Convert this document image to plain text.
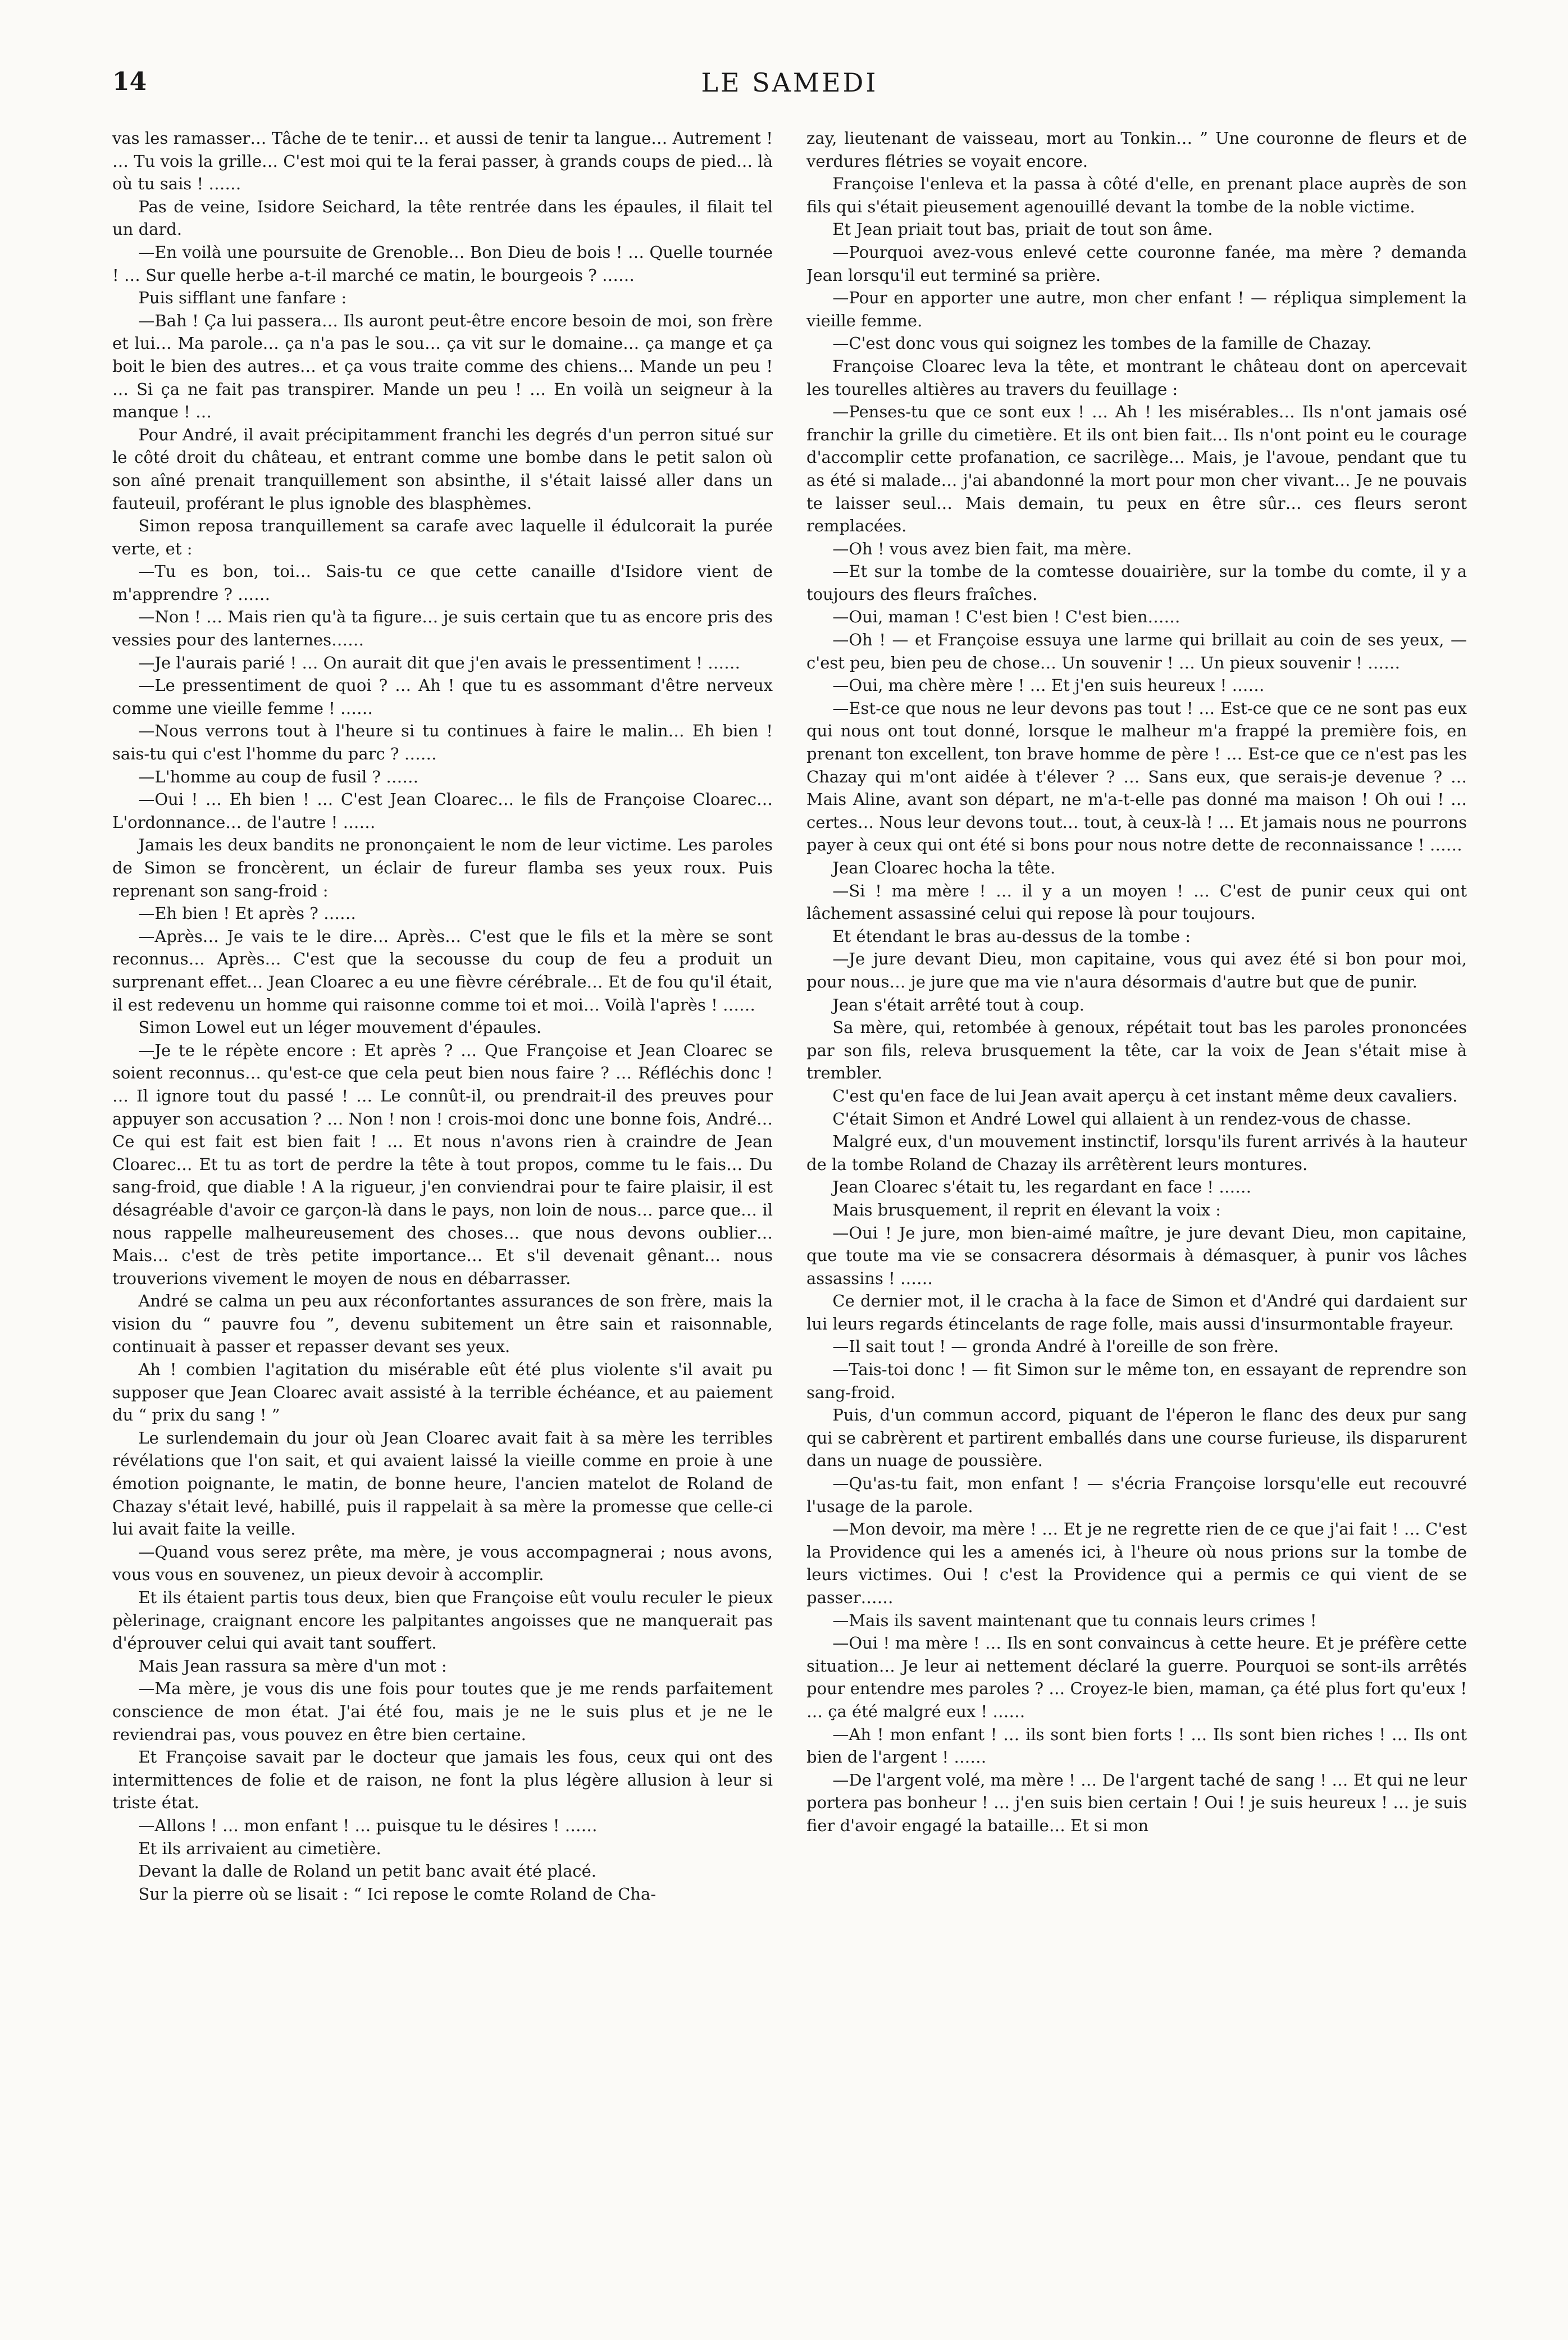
14	LE SAMEDI

vas les ramasser… Tâche de te tenir… et aussi de tenir ta langue… Autrement ! … Tu vois la grille… C'est moi qui te la ferai passer, à grands coups de pied… là où tu sais ! ……

Pas de veine, Isidore Seichard, la tête rentrée dans les épaules, il filait tel un dard.

—En voilà une poursuite de Grenoble… Bon Dieu de bois ! … Quelle tournée ! … Sur quelle herbe a-t-il marché ce matin, le bourgeois ? ……

Puis sifflant une fanfare :

—Bah ! Ça lui passera… Ils auront peut-être encore besoin de moi, son frère et lui… Ma parole… ça n'a pas le sou… ça vit sur le domaine… ça mange et ça boit le bien des autres… et ça vous traite comme des chiens… Mande un peu ! … Si ça ne fait pas transpirer. Mande un peu ! … En voilà un seigneur à la manque ! …

Pour André, il avait précipitamment franchi les degrés d'un perron situé sur le côté droit du château, et entrant comme une bombe dans le petit salon où son aîné prenait tranquillement son absinthe, il s'était laissé aller dans un fauteuil, proférant le plus ignoble des blasphèmes.

Simon reposa tranquillement sa carafe avec laquelle il édulcorait la purée verte, et :

—Tu es bon, toi… Sais-tu ce que cette canaille d'Isidore vient de m'apprendre ? ……

—Non ! … Mais rien qu'à ta figure… je suis certain que tu as encore pris des vessies pour des lanternes……

—Je l'aurais parié ! … On aurait dit que j'en avais le pressentiment ! ……

—Le pressentiment de quoi ? … Ah ! que tu es assommant d'être nerveux comme une vieille femme ! ……

—Nous verrons tout à l'heure si tu continues à faire le malin… Eh bien ! sais-tu qui c'est l'homme du parc ? ……

—L'homme au coup de fusil ? ……

—Oui ! … Eh bien ! … C'est Jean Cloarec… le fils de Françoise Cloarec… L'ordonnance… de l'autre ! ……

Jamais les deux bandits ne prononçaient le nom de leur victime. Les paroles de Simon se froncèrent, un éclair de fureur flamba ses yeux roux. Puis reprenant son sang-froid :

—Eh bien ! Et après ? ……

—Après… Je vais te le dire… Après… C'est que le fils et la mère se sont reconnus… Après… C'est que la secousse du coup de feu a produit un surprenant effet… Jean Cloarec a eu une fièvre cérébrale… Et de fou qu'il était, il est redevenu un homme qui raisonne comme toi et moi… Voilà l'après ! ……

Simon Lowel eut un léger mouvement d'épaules.

—Je te le répète encore : Et après ? … Que Françoise et Jean Cloarec se soient reconnus… qu'est-ce que cela peut bien nous faire ? … Réfléchis donc ! … Il ignore tout du passé ! … Le connût-il, ou prendrait-il des preuves pour appuyer son accusation ? … Non ! non ! crois-moi donc une bonne fois, André… Ce qui est fait est bien fait ! … Et nous n'avons rien à craindre de Jean Cloarec… Et tu as tort de perdre la tête à tout propos, comme tu le fais… Du sang-froid, que diable ! A la rigueur, j'en conviendrai pour te faire plaisir, il est désagréable d'avoir ce garçon-là dans le pays, non loin de nous… parce que… il nous rappelle malheureusement des choses… que nous devons oublier… Mais… c'est de très petite importance… Et s'il devenait gênant… nous trouverions vivement le moyen de nous en débarrasser.

André se calma un peu aux réconfortantes assurances de son frère, mais la vision du “ pauvre fou ”, devenu subitement un être sain et raisonnable, continuait à passer et repasser devant ses yeux.

Ah ! combien l'agitation du misérable eût été plus violente s'il avait pu supposer que Jean Cloarec avait assisté à la terrible échéance, et au paiement du “ prix du sang ! ”

Le surlendemain du jour où Jean Cloarec avait fait à sa mère les terribles révélations que l'on sait, et qui avaient laissé la vieille comme en proie à une émotion poignante, le matin, de bonne heure, l'ancien matelot de Roland de Chazay s'était levé, habillé, puis il rappelait à sa mère la promesse que celle-ci lui avait faite la veille.

—Quand vous serez prête, ma mère, je vous accompagnerai ; nous avons, vous vous en souvenez, un pieux devoir à accomplir.

Et ils étaient partis tous deux, bien que Françoise eût voulu reculer le pieux pèlerinage, craignant encore les palpitantes angoisses que ne manquerait pas d'éprouver celui qui avait tant souffert.

Mais Jean rassura sa mère d'un mot :

—Ma mère, je vous dis une fois pour toutes que je me rends parfaitement conscience de mon état. J'ai été fou, mais je ne le suis plus et je ne le reviendrai pas, vous pouvez en être bien certaine.

Et Françoise savait par le docteur que jamais les fous, ceux qui ont des intermittences de folie et de raison, ne font la plus légère allusion à leur si triste état.

—Allons ! … mon enfant ! … puisque tu le désires ! ……

Et ils arrivaient au cimetière.

Devant la dalle de Roland un petit banc avait été placé.

Sur la pierre où se lisait : “ Ici repose le comte Roland de Cha-

zay, lieutenant de vaisseau, mort au Tonkin… ” Une couronne de fleurs et de verdures flétries se voyait encore.

Françoise l'enleva et la passa à côté d'elle, en prenant place auprès de son fils qui s'était pieusement agenouillé devant la tombe de la noble victime.

Et Jean priait tout bas, priait de tout son âme.

—Pourquoi avez-vous enlevé cette couronne fanée, ma mère ? demanda Jean lorsqu'il eut terminé sa prière.

—Pour en apporter une autre, mon cher enfant ! — répliqua simplement la vieille femme.

—C'est donc vous qui soignez les tombes de la famille de Chazay.

Françoise Cloarec leva la tête, et montrant le château dont on apercevait les tourelles altières au travers du feuillage :

—Penses-tu que ce sont eux ! … Ah ! les misérables… Ils n'ont jamais osé franchir la grille du cimetière. Et ils ont bien fait… Ils n'ont point eu le courage d'accomplir cette profanation, ce sacrilège… Mais, je l'avoue, pendant que tu as été si malade… j'ai abandonné la mort pour mon cher vivant… Je ne pouvais te laisser seul… Mais demain, tu peux en être sûr… ces fleurs seront remplacées.

—Oh ! vous avez bien fait, ma mère.

—Et sur la tombe de la comtesse douairière, sur la tombe du comte, il y a toujours des fleurs fraîches.

—Oui, maman ! C'est bien ! C'est bien……

—Oh ! — et Françoise essuya une larme qui brillait au coin de ses yeux, — c'est peu, bien peu de chose… Un souvenir ! … Un pieux souvenir ! ……

—Oui, ma chère mère ! … Et j'en suis heureux ! ……

—Est-ce que nous ne leur devons pas tout ! … Est-ce que ce ne sont pas eux qui nous ont tout donné, lorsque le malheur m'a frappé la première fois, en prenant ton excellent, ton brave homme de père ! … Est-ce que ce n'est pas les Chazay qui m'ont aidée à t'élever ? … Sans eux, que serais-je devenue ? … Mais Aline, avant son départ, ne m'a-t-elle pas donné ma maison ! Oh oui ! … certes… Nous leur devons tout… tout, à ceux-là ! … Et jamais nous ne pourrons payer à ceux qui ont été si bons pour nous notre dette de reconnaissance ! ……

Jean Cloarec hocha la tête.

—Si ! ma mère ! … il y a un moyen ! … C'est de punir ceux qui ont lâchement assassiné celui qui repose là pour toujours.

Et étendant le bras au-dessus de la tombe :

—Je jure devant Dieu, mon capitaine, vous qui avez été si bon pour moi, pour nous… je jure que ma vie n'aura désormais d'autre but que de punir.

Jean s'était arrêté tout à coup.

Sa mère, qui, retombée à genoux, répétait tout bas les paroles prononcées par son fils, releva brusquement la tête, car la voix de Jean s'était mise à trembler.

C'est qu'en face de lui Jean avait aperçu à cet instant même deux cavaliers.

C'était Simon et André Lowel qui allaient à un rendez-vous de chasse.

Malgré eux, d'un mouvement instinctif, lorsqu'ils furent arrivés à la hauteur de la tombe Roland de Chazay ils arrêtèrent leurs montures.

Jean Cloarec s'était tu, les regardant en face ! ……

Mais brusquement, il reprit en élevant la voix :

—Oui ! Je jure, mon bien-aimé maître, je jure devant Dieu, mon capitaine, que toute ma vie se consacrera désormais à démasquer, à punir vos lâches assassins ! ……

Ce dernier mot, il le cracha à la face de Simon et d'André qui dardaient sur lui leurs regards étincelants de rage folle, mais aussi d'insurmontable frayeur.

—Il sait tout ! — gronda André à l'oreille de son frère.

—Tais-toi donc ! — fit Simon sur le même ton, en essayant de reprendre son sang-froid.

Puis, d'un commun accord, piquant de l'éperon le flanc des deux pur sang qui se cabrèrent et partirent emballés dans une course furieuse, ils disparurent dans un nuage de poussière.

—Qu'as-tu fait, mon enfant ! — s'écria Françoise lorsqu'elle eut recouvré l'usage de la parole.

—Mon devoir, ma mère ! … Et je ne regrette rien de ce que j'ai fait ! … C'est la Providence qui les a amenés ici, à l'heure où nous prions sur la tombe de leurs victimes. Oui ! c'est la Providence qui a permis ce qui vient de se passer……

—Mais ils savent maintenant que tu connais leurs crimes !

—Oui ! ma mère ! … Ils en sont convaincus à cette heure. Et je préfère cette situation… Je leur ai nettement déclaré la guerre. Pourquoi se sont-ils arrêtés pour entendre mes paroles ? … Croyez-le bien, maman, ça été plus fort qu'eux ! … ça été malgré eux ! ……

—Ah ! mon enfant ! … ils sont bien forts ! … Ils sont bien riches ! … Ils ont bien de l'argent ! ……

—De l'argent volé, ma mère ! … De l'argent taché de sang ! … Et qui ne leur portera pas bonheur ! … j'en suis bien certain ! Oui ! je suis heureux ! … je suis fier d'avoir engagé la bataille… Et si mon
